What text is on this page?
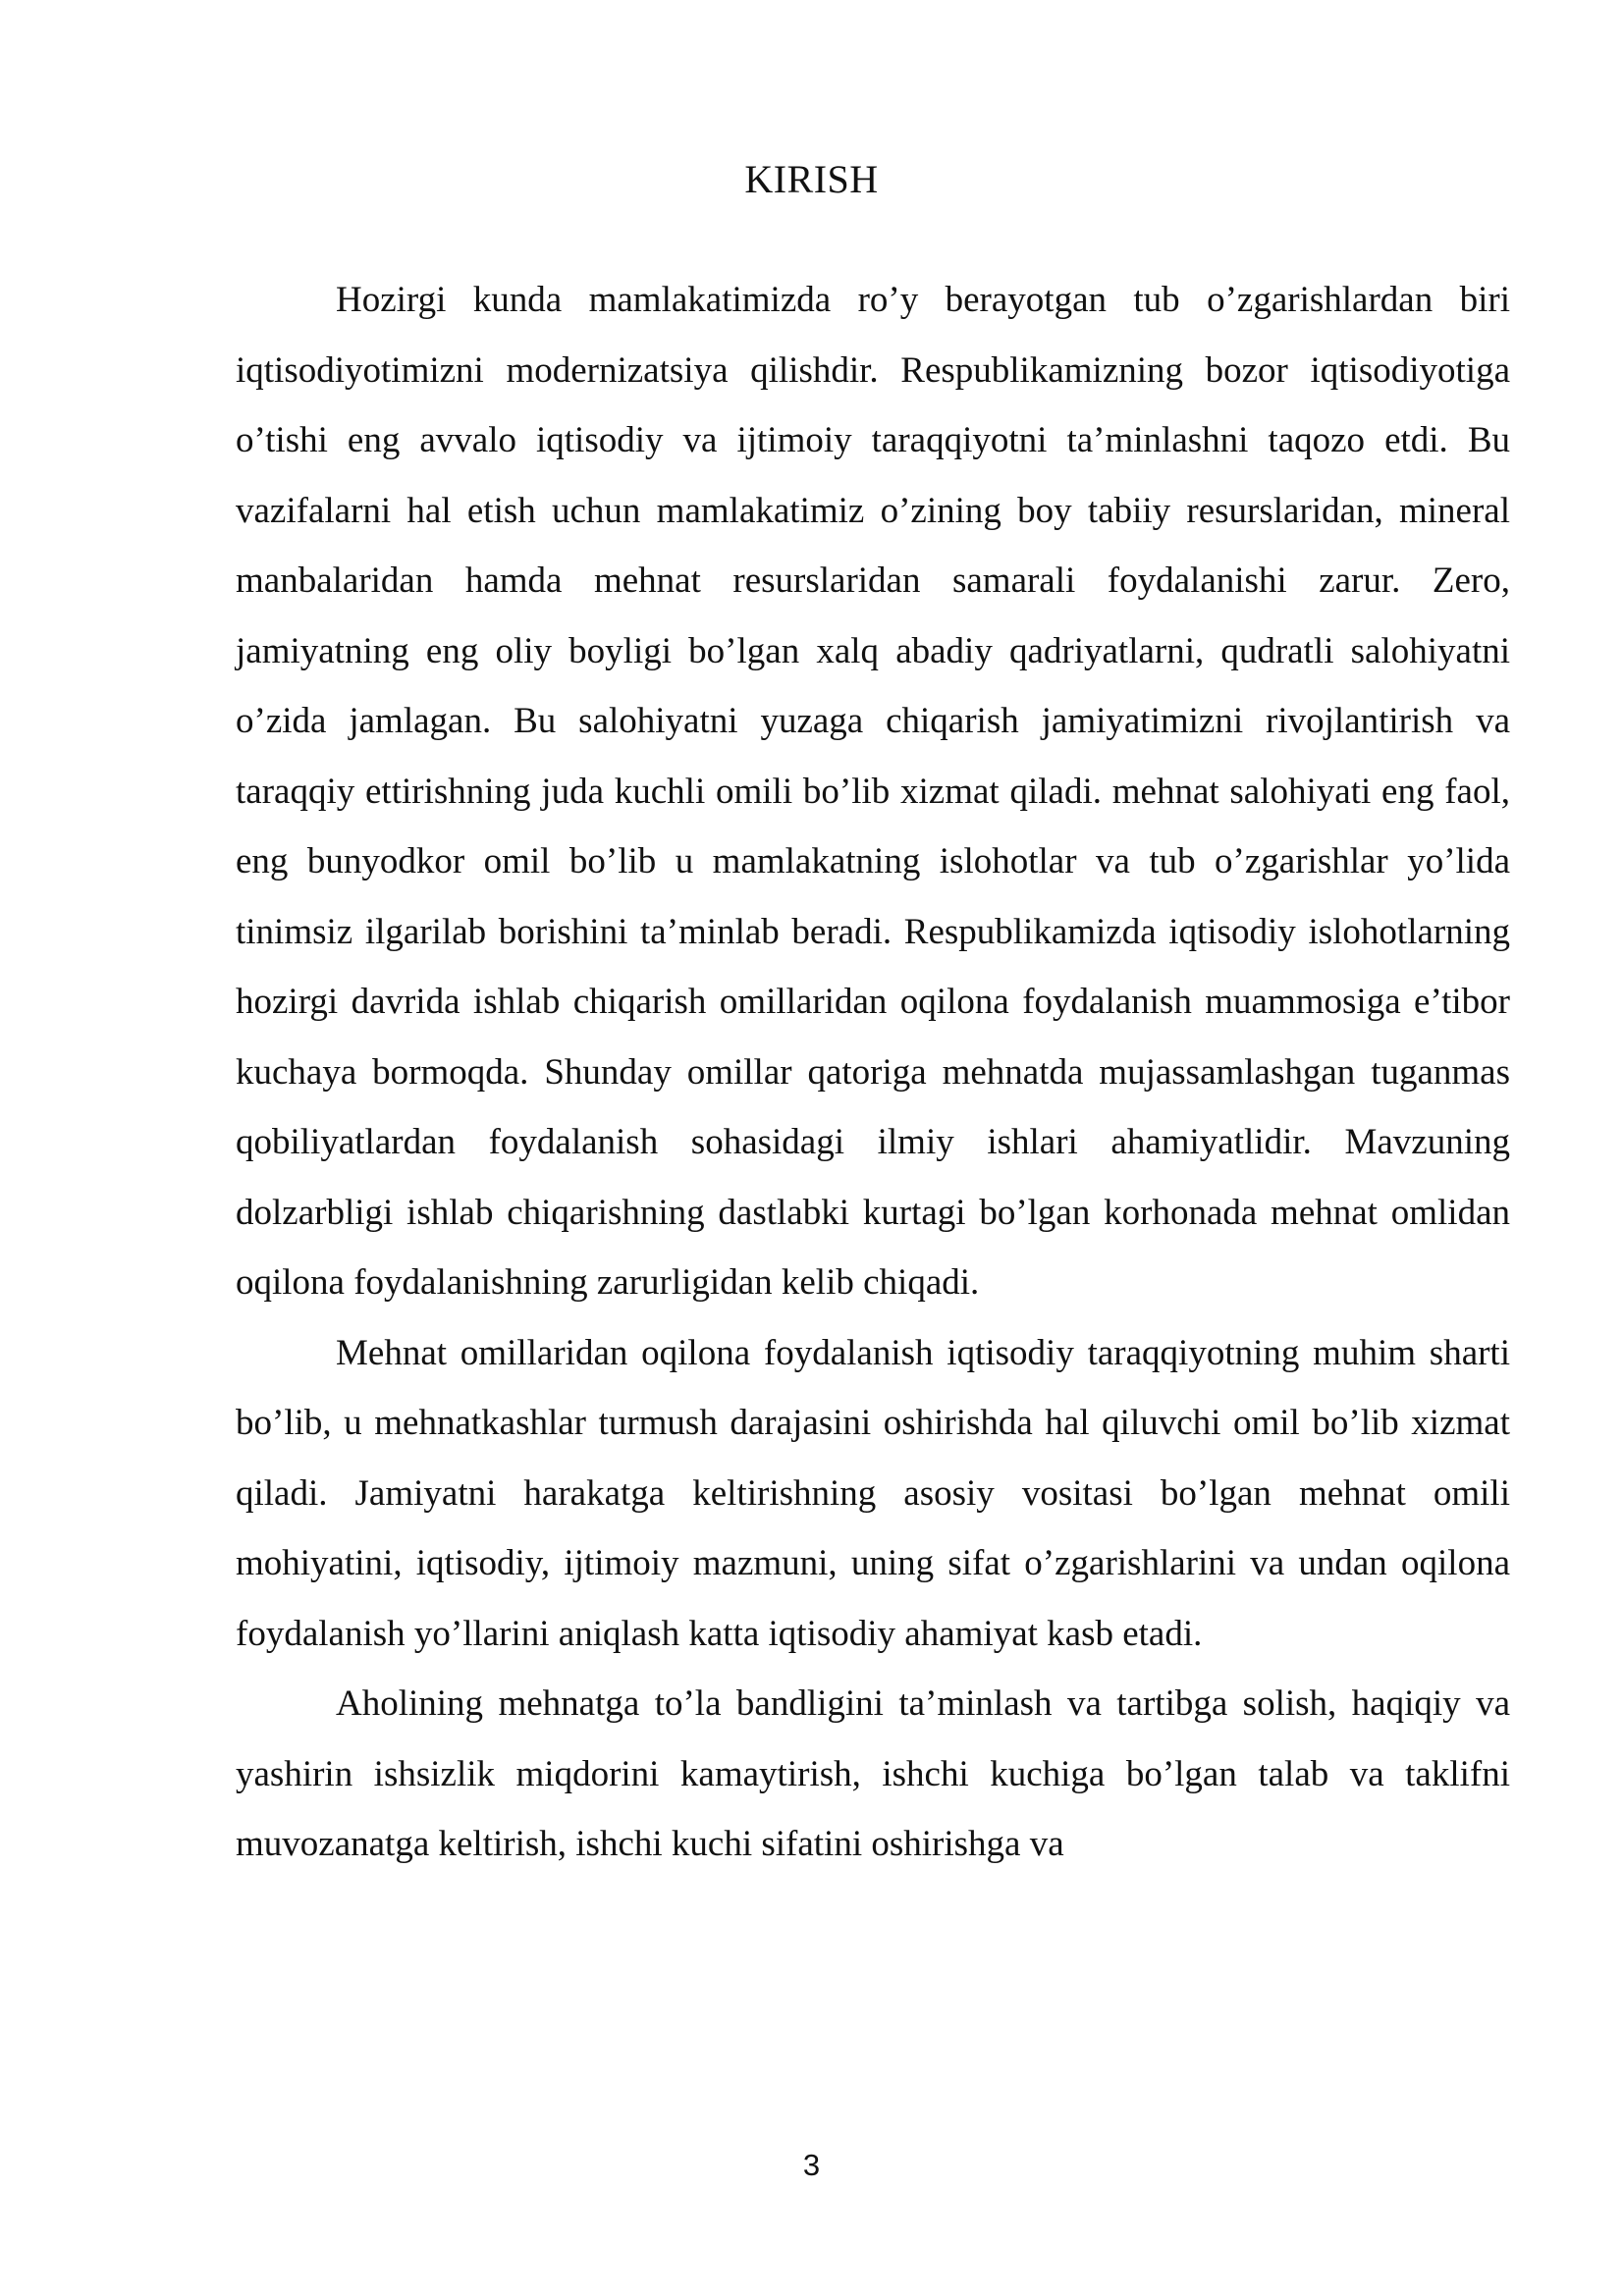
KIRISH

Hozirgi kunda mamlakatimizda ro’y berayotgan tub o’zgarishlardan biri iqtisodiyotimizni modernizatsiya qilishdir. Respublikamizning bozor iqtisodiyotiga o’tishi eng avvalo iqtisodiy va ijtimoiy taraqqiyotni ta’minlashni taqozo etdi. Bu vazifalarni hal etish uchun mamlakatimiz o’zining boy tabiiy resurslaridan, mineral manbalaridan hamda mehnat resurslaridan samarali foydalanishi zarur. Zero, jamiyatning eng oliy boyligi bo’lgan xalq abadiy qadriyatlarni, qudratli salohiyatni o’zida jamlagan. Bu salohiyatni yuzaga chiqarish jamiyatimizni rivojlantirish va taraqqiy ettirishning juda kuchli omili bo’lib xizmat qiladi. mehnat salohiyati eng faol, eng bunyodkor omil bo’lib u mamlakatning islohotlar va tub o’zgarishlar yo’lida tinimsiz ilgarilab borishini ta’minlab beradi. Respublikamizda iqtisodiy islohotlarning hozirgi davrida ishlab chiqarish omillaridan oqilona foydalanish muammosiga e’tibor kuchaya bormoqda. Shunday omillar qatoriga mehnatda mujassamlashgan tuganmas qobiliyatlardan foydalanish sohasidagi ilmiy ishlari ahamiyatlidir. Mavzuning dolzarbligi ishlab chiqarishning dastlabki kurtagi bo’lgan korhonada mehnat omlidan oqilona foydalanishning zarurligidan kelib chiqadi.

Mehnat omillaridan oqilona foydalanish iqtisodiy taraqqiyotning muhim sharti bo’lib, u mehnatkashlar turmush darajasini oshirishda hal qiluvchi omil bo’lib xizmat qiladi. Jamiyatni harakatga keltirishning asosiy vositasi bo’lgan mehnat omili mohiyatini, iqtisodiy, ijtimoiy mazmuni, uning sifat o’zgarishlarini va undan oqilona foydalanish yo’llarini aniqlash katta iqtisodiy ahamiyat kasb etadi.

Aholining mehnatga to’la bandligini ta’minlash va tartibga solish, haqiqiy va yashirin ishsizlik miqdorini kamaytirish, ishchi kuchiga bo’lgan talab va taklifni muvozanatga keltirish, ishchi kuchi sifatini oshirishga va

3
